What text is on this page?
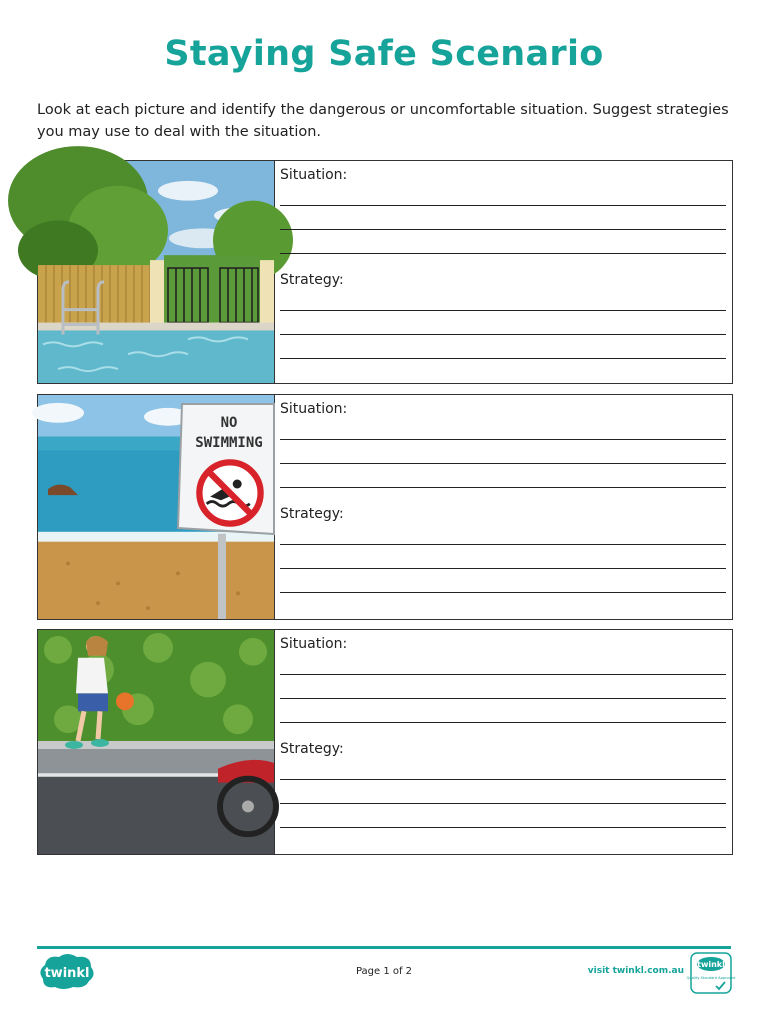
Staying Safe Scenario
Look at each picture and identify the dangerous or uncomfortable situation. Suggest strategies you may use to deal with the situation.
Situation:
Strategy:
NO
SWIMMING
Situation:
Strategy:
Situation:
Strategy:
twinkl	Page 1 of 2	visit twinkl.com.au
twinkl
Quality Standard Approved
